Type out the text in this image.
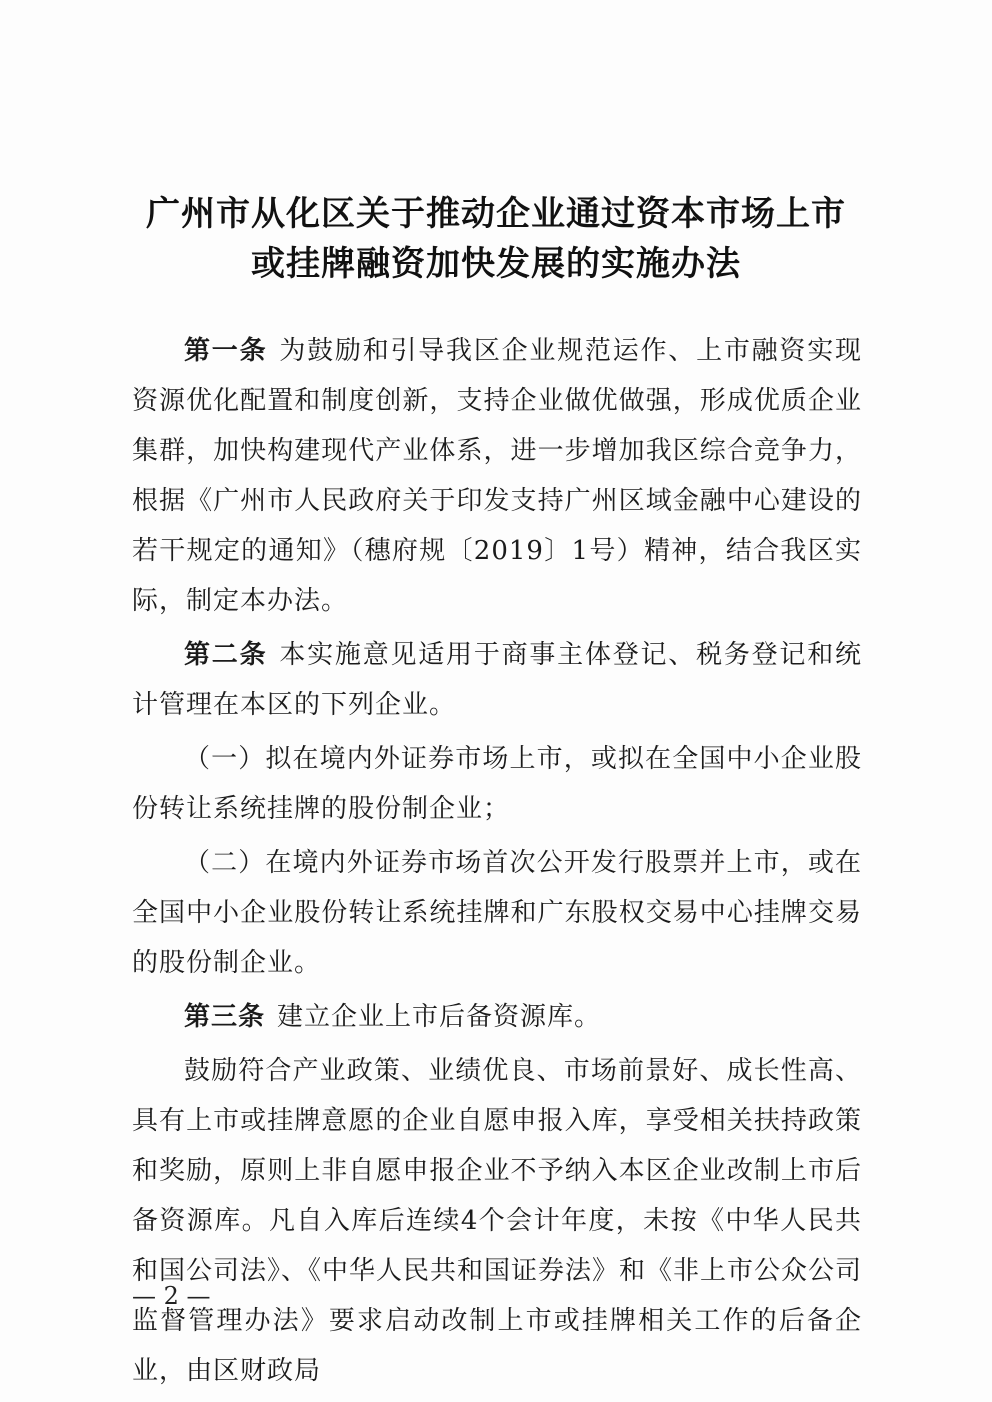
广州市从化区关于推动企业通过资本市场上市
或挂牌融资加快发展的实施办法

第一条 为鼓励和引导我区企业规范运作、上市融资实现资源优化配置和制度创新，支持企业做优做强，形成优质企业集群，加快构建现代产业体系，进一步增加我区综合竞争力，根据《广州市人民政府关于印发支持广州区域金融中心建设的若干规定的通知》（穗府规〔2019〕1号）精神，结合我区实际，制定本办法。

第二条 本实施意见适用于商事主体登记、税务登记和统计管理在本区的下列企业。

（一）拟在境内外证券市场上市，或拟在全国中小企业股份转让系统挂牌的股份制企业；

（二）在境内外证券市场首次公开发行股票并上市，或在全国中小企业股份转让系统挂牌和广东股权交易中心挂牌交易的股份制企业。

第三条 建立企业上市后备资源库。

鼓励符合产业政策、业绩优良、市场前景好、成长性高、具有上市或挂牌意愿的企业自愿申报入库，享受相关扶持政策和奖励，原则上非自愿申报企业不予纳入本区企业改制上市后备资源库。凡自入库后连续4个会计年度，未按《中华人民共和国公司法》、《中华人民共和国证券法》和《非上市公众公司监督管理办法》要求启动改制上市或挂牌相关工作的后备企业，由区财政局

— 2 —
